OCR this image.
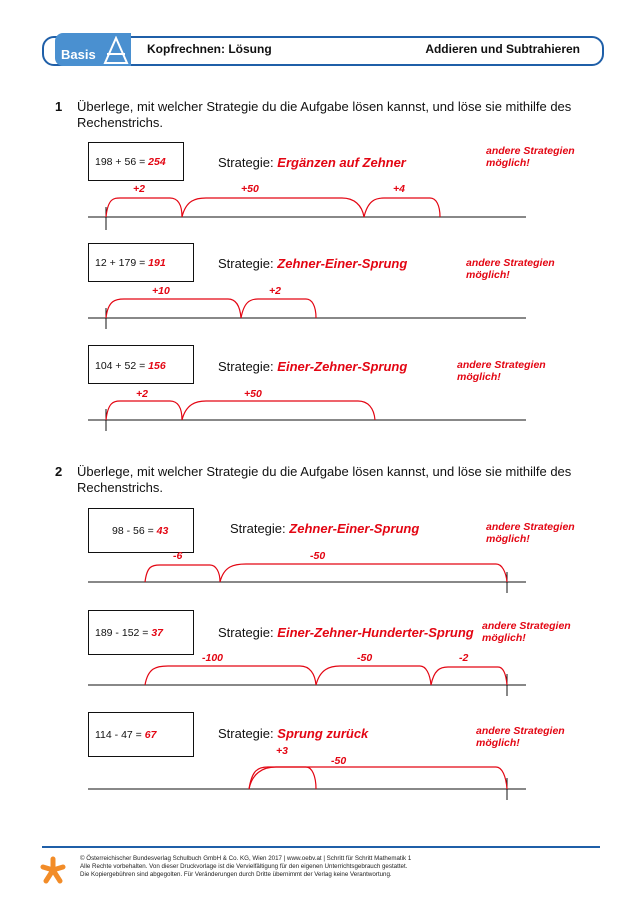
Basis	Kopfrechnen: Lösung	Addieren und Subtrahieren
1 Überlege, mit welcher Strategie du die Aufgabe lösen kannst, und löse sie mithilfe des Rechenstrichs.
2 Überlege, mit welcher Strategie du die Aufgabe lösen kannst, und löse sie mithilfe des Rechenstrichs.
198 + 56 = 254	Strategie: Ergänzen auf Zehner
andere Strategien möglich!
+2	+50	+4
12 + 179 = 191	Strategie: Zehner-Einer-Sprung	andere Strategien möglich!
+10	+2
104 + 52 = 156	Strategie: Einer-Zehner-Sprung	andere Strategien möglich!
+2	+50
98 - 56 = 43	Strategie: Zehner-Einer-Sprung	andere Strategien möglich!
-6	-50
189 - 152 = 37	Strategie: Einer-Zehner-Hunderter-Sprung andere Strategien möglich!
-100	-50	-2
114 - 47 = 67	Strategie: Sprung zurück	andere Strategien möglich!
+3
-50
© Österreichischer Bundesverlag Schulbuch GmbH & Co. KG, Wien 2017 | www.oebv.at | Schritt für Schritt Mathematik 1
Alle Rechte vorbehalten. Von dieser Druckvorlage ist die Vervielfältigung für den eigenen Unterrichtsgebrauch gestattet.
Die Kopiergebühren sind abgegolten. Für Veränderungen durch Dritte übernimmt der Verlag keine Verantwortung.
